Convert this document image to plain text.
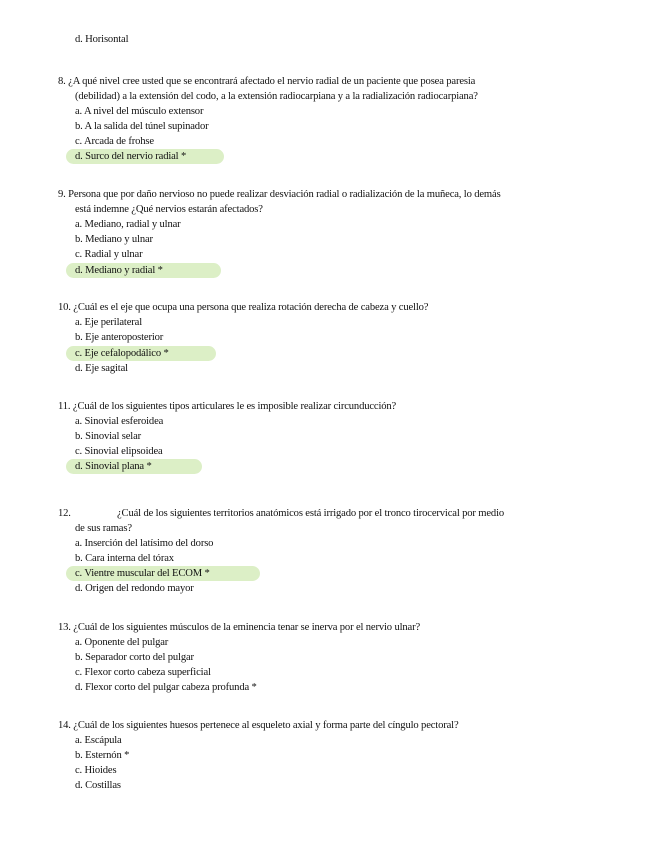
d. Horisontal
8. ¿A qué nivel cree usted que se encontrará afectado el nervio radial de un paciente que posea paresia
(debilidad) a la extensión del codo, a la extensión radiocarpiana y a la radialización radiocarpiana?
a. A nivel del músculo extensor
b. A la salida del túnel supinador
c. Arcada de frohse
d. Surco del nervio radial *
9. Persona que por daño nervioso no puede realizar desviación radial o radialización de la muñeca, lo demás
está indemne ¿Qué nervios estarán afectados?
a. Mediano, radial y ulnar
b. Mediano y ulnar
c. Radial y ulnar
d. Mediano y radial *
10. ¿Cuál es el eje que ocupa una persona que realiza rotación derecha de cabeza y cuello?
a. Eje perilateral
b. Eje anteroposterior
c. Eje cefalopodálico *
d. Eje sagital
11. ¿Cuál de los siguientes tipos articulares le es imposible realizar circunducción?
a. Sinovial esferoidea
b. Sinovial selar
c. Sinovial elipsoidea
d. Sinovial plana *
12.	¿Cuál de los siguientes territorios anatómicos está irrigado por el tronco tirocervical por medio
de sus ramas?
a. Inserción del latísimo del dorso
b. Cara interna del tórax
c. Vientre muscular del ECOM *
d. Origen del redondo mayor
13. ¿Cuál de los siguientes músculos de la eminencia tenar se inerva por el nervio ulnar?
a. Oponente del pulgar
b. Separador corto del pulgar
c. Flexor corto cabeza superficial
d. Flexor corto del pulgar cabeza profunda *
14. ¿Cuál de los siguientes huesos pertenece al esqueleto axial y forma parte del cíngulo pectoral?
a. Escápula
b. Esternón *
c. Hioides
d. Costillas
